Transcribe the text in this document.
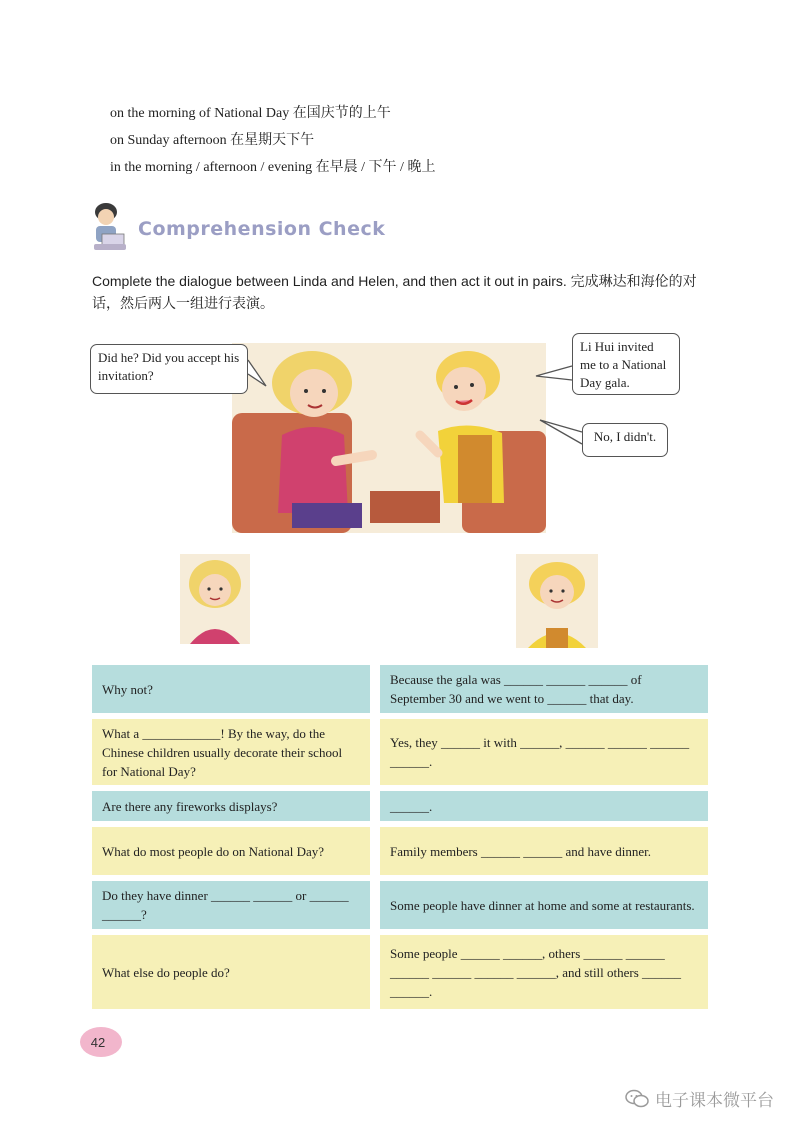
on the morning of National Day 在国庆节的上午
on Sunday afternoon 在星期天下午
in the morning / afternoon / evening 在早晨 / 下午 / 晚上
Comprehension Check
Complete the dialogue between Linda and Helen, and then act it out in pairs. 完成琳达和海伦的对话，然后两人一组进行表演。
Did he? Did you accept his invitation?
Li Hui invited me to a National Day gala.
No, I didn't.
Why not?
Because the gala was ______ ______ ______ of September 30 and we went to ______ that day.
What a ____________! By the way, do the Chinese children usually decorate their school for National Day?
Yes, they ______ it with ______, ______ ______ ______ ______.
Are there any fireworks displays?	______.
What do most people do on National Day?	Family members ______ ______ and have dinner.
Do they have dinner ______ ______ or ______ ______?
Some people have dinner at home and some at restaurants.
What else do people do?
Some people ______ ______, others ______ ______ ______ ______ ______ ______, and still others ______ ______.
42
电子课本微平台
